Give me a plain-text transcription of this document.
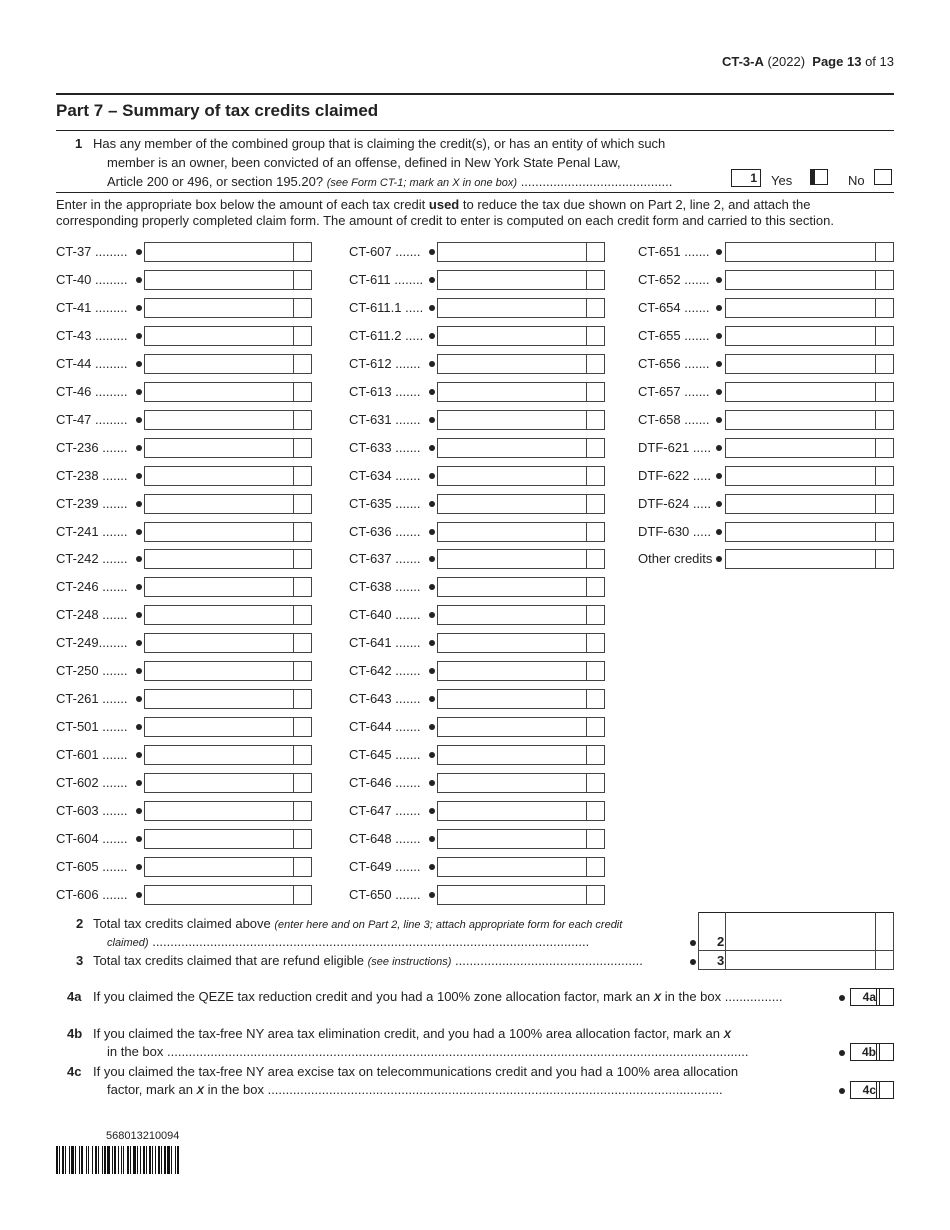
CT-3-A (2022) Page 13 of 13
Part 7 – Summary of tax credits claimed
1 Has any member of the combined group that is claiming the credit(s), or has an entity of which such
member is an owner, been convicted of an offense, defined in New York State Penal Law,
Article 200 or 496, or section 195.20? (see Form CT-1; mark an X in one box) ..........................................	1	Yes	No
Enter in the appropriate box below the amount of each tax credit used to reduce the tax due shown on Part 2, line 2, and attach the corresponding properly completed claim form. The amount of credit to enter is computed on each credit form and carried to this section.
CT-37 .........
CT-40 .........
CT-41 .........
CT-43 .........
CT-44 .........
CT-46 .........
CT-47 .........
CT-236 .......
CT-238 .......
CT-239 .......
CT-241 .......
CT-242 .......
CT-246 .......
CT-248 .......
CT-249........
CT-250 .......
CT-261 .......
CT-501 .......
CT-601 .......
CT-602 .......
CT-603 .......
CT-604 .......
CT-605 .......
CT-606 .......
CT-607 .......
CT-611 ........
CT-611.1 .....
CT-611.2 .....
CT-612 .......
CT-613 .......
CT-631 .......
CT-633 .......
CT-634 .......
CT-635 .......
CT-636 .......
CT-637 .......
CT-638 .......
CT-640 .......
CT-641 .......
CT-642 .......
CT-643 .......
CT-644 .......
CT-645 .......
CT-646 .......
CT-647 .......
CT-648 .......
CT-649 .......
CT-650 .......
CT-651 .......
CT-652 .......
CT-654 .......
CT-655 .......
CT-656 .......
CT-657 .......
CT-658 .......
DTF-621 .....
DTF-622 .....
DTF-624 .....
DTF-630 .....
Other credits
2 Total tax credits claimed above (enter here and on Part 2, line 3; attach appropriate form for each credit
claimed) .........................................................................................................................	2
3 Total tax credits claimed that are refund eligible (see instructions) ....................................................	3
4a If you claimed the QEZE tax reduction credit and you had a 100% zone allocation factor, mark an X in the box ................	4a
4b If you claimed the tax-free NY area tax elimination credit, and you had a 100% area allocation factor, mark an X
in the box .................................................................................................................................................................	4b
4c If you claimed the tax-free NY area excise tax on telecommunications credit and you had a 100% area allocation
factor, mark an X in the box ..............................................................................................................................	4c
568013210094
